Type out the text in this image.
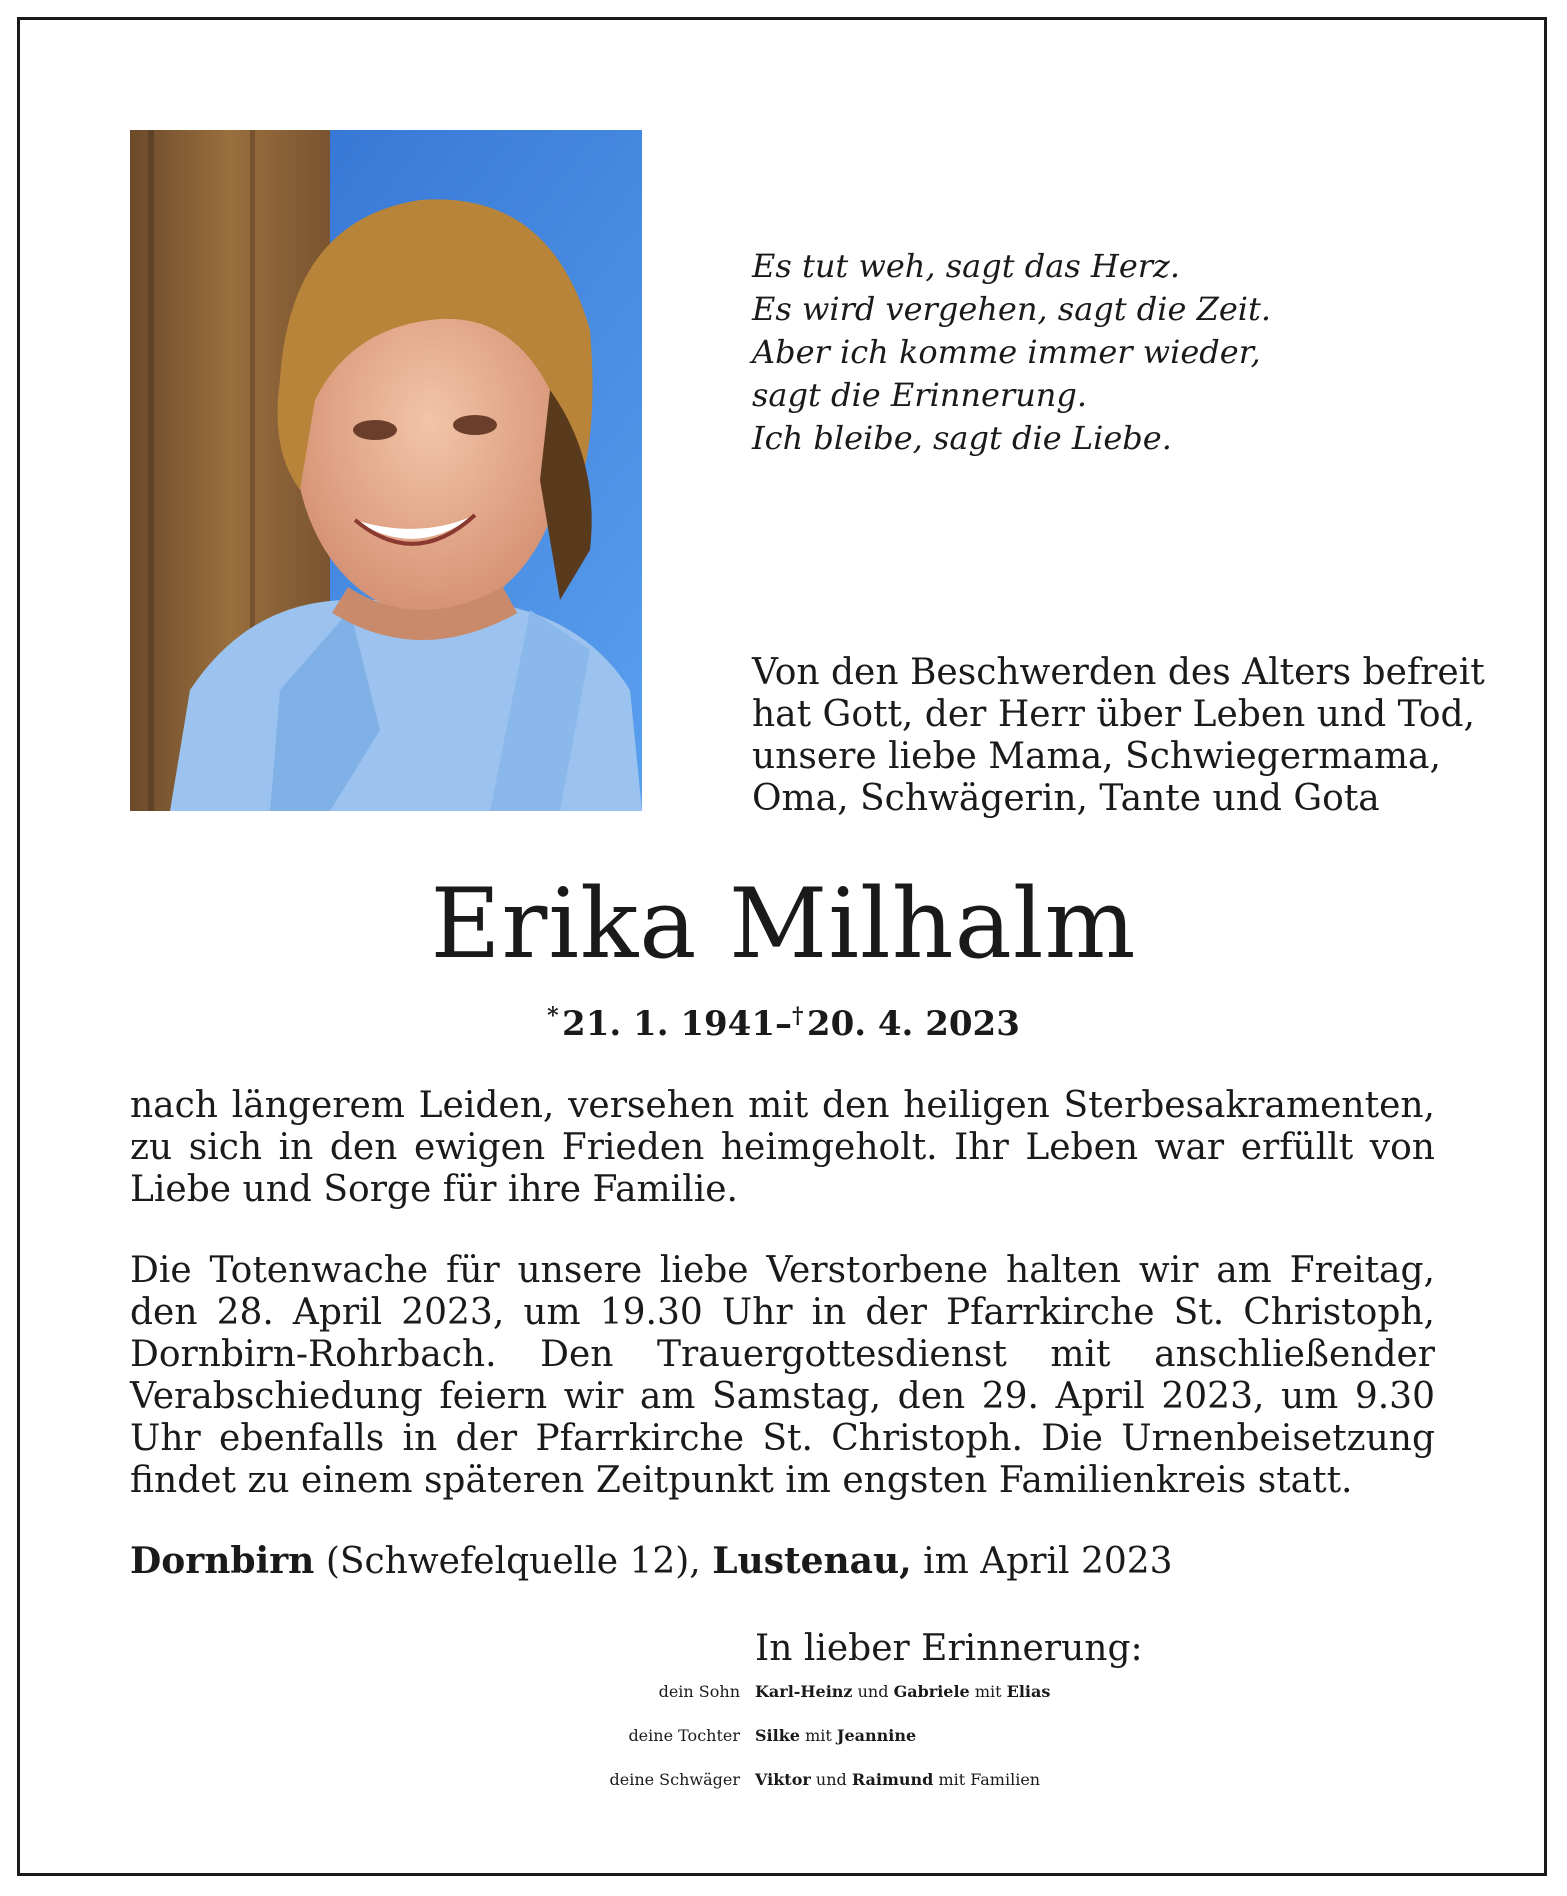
Es tut weh, sagt das Herz.
Es wird vergehen, sagt die Zeit.
Aber ich komme immer wieder,
sagt die Erinnerung.
Ich bleibe, sagt die Liebe.
Von den Beschwerden des Alters befreit
hat Gott, der Herr über Leben und Tod,
unsere liebe Mama, Schwiegermama,
Oma, Schwägerin, Tante und Gota
Erika Milhalm
* 21. 1. 1941–† 20. 4. 2023
nach längerem Leiden, versehen mit den heiligen Sterbesakramenten, zu sich in den ewigen Frieden heimgeholt. Ihr Leben war erfüllt von Liebe und Sorge für ihre Familie.
Die Totenwache für unsere liebe Verstorbene halten wir am Freitag, den 28. April 2023, um 19.30 Uhr in der Pfarrkirche St. Christoph, Dornbirn-Rohrbach. Den Trauergottesdienst mit anschließender Verabschiedung feiern wir am Samstag, den 29. April 2023, um 9.30 Uhr ebenfalls in der Pfarrkirche St. Christoph. Die Urnenbeisetzung findet zu einem späteren Zeitpunkt im engsten Familienkreis statt.
Dornbirn (Schwefelquelle 12), Lustenau, im April 2023
In lieber Erinnerung:
dein Sohn Karl-Heinz und Gabriele mit Elias
deine Tochter Silke mit Jeannine
deine Schwäger Viktor und Raimund mit Familien
